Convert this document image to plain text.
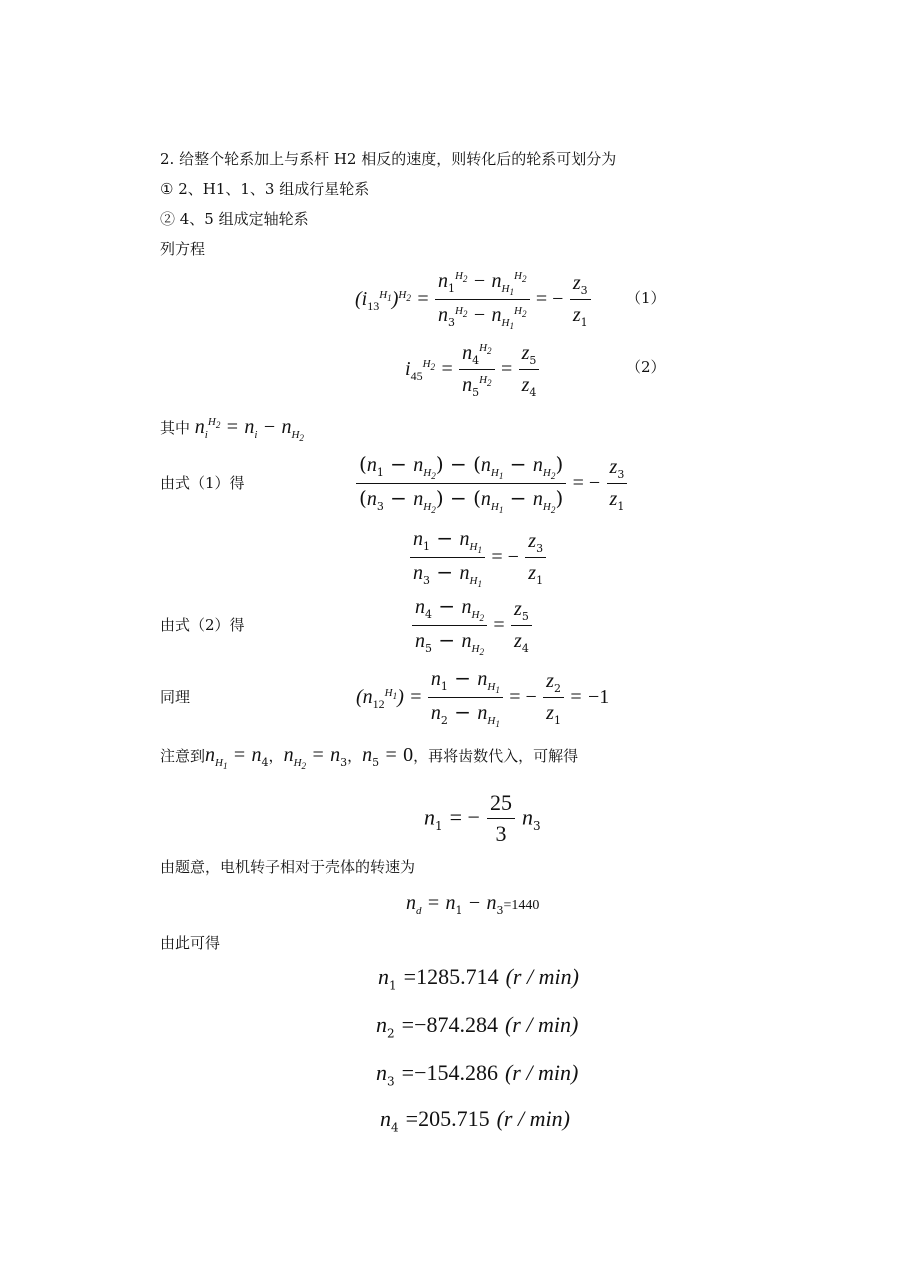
2. 给整个轮系加上与系杆 H2 相反的速度，则转化后的轮系可划分为
① 2、H1、1、3 组成行星轮系
② 4、5 组成定轴轮系
列方程
$(i_{13}^{H_1})^{H_2} = \frac{n_1^{H_2} - n_{H_1}^{H_2}}{n_3^{H_2} - n_{H_1}^{H_2}}$ = − $\frac{z_3}{z_1} (1)$
$i_{45}^{H_2} = \frac{n_4^{H_2}}{n_5^{H_2}} = \frac{z_5}{z_4}$	（2）
其中 $n_i^{H_2} = n_i - n_{H_2}$
由式（1）得	$\frac{(n_1 - n_{H_2}) - (n_{H_1} - n_{H_2})}{(n_3 - n_{H_2}) - (n_{H_1} - n_{H_2})}$ = − $\frac{z_3}{z_1}$
$\frac{n_1 - n_{H_1}}{n_3 - n_{H_1}}$ = − $\frac{z_3}{z_1}$
由式（2）得	$\frac{n_4 - n_{H_2}}{n_5 - n_{H_2}} = \frac{z_5}{z_4}$
同理	$(n_{12}^{H_1}) = \frac{n_1 - n_{H_1}}{n_2 - n_{H_1}}$ = − $\frac{z_2}{z_1} = -1$
注意到$n_{H_1} = n_4$，$n_{H_2} = n_3$，$n_5 = 0$，再将齿数代入，可解得
$n_1$ = − $\frac{25}{3} n_3$
由题意，电机转子相对于壳体的转速为
$n_d = n_1 - n_3=1440$
由此可得
$n_1 =1285.714$ (r / min)
$n_2 =-874.284$ (r / min)
$n_3 =-154.286$ (r / min)
$n_4 =205.715$ (r / min)
